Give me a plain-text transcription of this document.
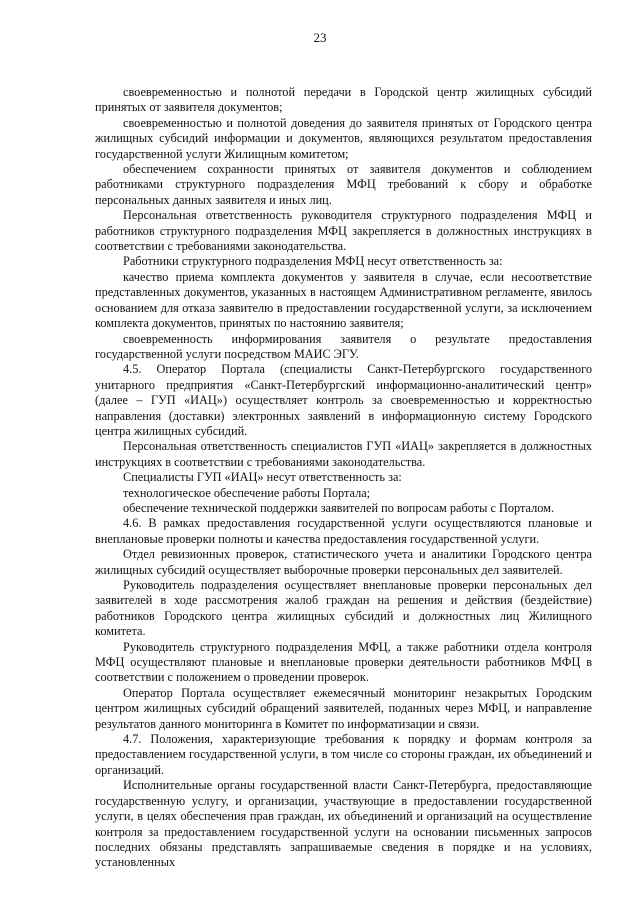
23

своевременностью и полнотой передачи в Городской центр жилищных субсидий принятых от заявителя документов;

своевременностью и полнотой доведения до заявителя принятых от Городского центра жилищных субсидий информации и документов, являющихся результатом предоставления государственной услуги Жилищным комитетом;

обеспечением сохранности принятых от заявителя документов и соблюдением работниками структурного подразделения МФЦ требований к сбору и обработке персональных данных заявителя и иных лиц.

Персональная ответственность руководителя структурного подразделения МФЦ и работников структурного подразделения МФЦ закрепляется в должностных инструкциях в соответствии с требованиями законодательства.

Работники структурного подразделения МФЦ несут ответственность за:

качество приема комплекта документов у заявителя в случае, если несоответствие представленных документов, указанных в настоящем Административном регламенте, явилось основанием для отказа заявителю в предоставлении государственной услуги, за исключением комплекта документов, принятых по настоянию заявителя;

своевременность информирования заявителя о результате предоставления государственной услуги посредством МАИС ЭГУ.

4.5. Оператор Портала (специалисты Санкт-Петербургского государственного унитарного предприятия «Санкт-Петербургский информационно-аналитический центр» (далее – ГУП «ИАЦ») осуществляет контроль за своевременностью и корректностью направления (доставки) электронных заявлений в информационную систему Городского центра жилищных субсидий.

Персональная ответственность специалистов ГУП «ИАЦ» закрепляется в должностных инструкциях в соответствии с требованиями законодательства.

Специалисты ГУП «ИАЦ» несут ответственность за:

технологическое обеспечение работы Портала;

обеспечение технической поддержки заявителей по вопросам работы с Порталом.

4.6. В рамках предоставления государственной услуги осуществляются плановые и внеплановые проверки полноты и качества предоставления государственной услуги.

Отдел ревизионных проверок, статистического учета и аналитики Городского центра жилищных субсидий осуществляет выборочные проверки персональных дел заявителей.

Руководитель подразделения осуществляет внеплановые проверки персональных дел заявителей в ходе рассмотрения жалоб граждан на решения и действия (бездействие) работников Городского центра жилищных субсидий и должностных лиц Жилищного комитета.

Руководитель структурного подразделения МФЦ, а также работники отдела контроля МФЦ осуществляют плановые и внеплановые проверки деятельности работников МФЦ в соответствии с положением о проведении проверок.

Оператор Портала осуществляет ежемесячный мониторинг незакрытых Городским центром жилищных субсидий обращений заявителей, поданных через МФЦ, и направление результатов данного мониторинга в Комитет по информатизации и связи.

4.7. Положения, характеризующие требования к порядку и формам контроля за предоставлением государственной услуги, в том числе со стороны граждан, их объединений и организаций.

Исполнительные органы государственной власти Санкт-Петербурга, предоставляющие государственную услугу, и организации, участвующие в предоставлении государственной услуги, в целях обеспечения прав граждан, их объединений и организаций на осуществление контроля за предоставлением государственной услуги на основании письменных запросов последних обязаны представлять запрашиваемые сведения в порядке и на условиях, установленных
